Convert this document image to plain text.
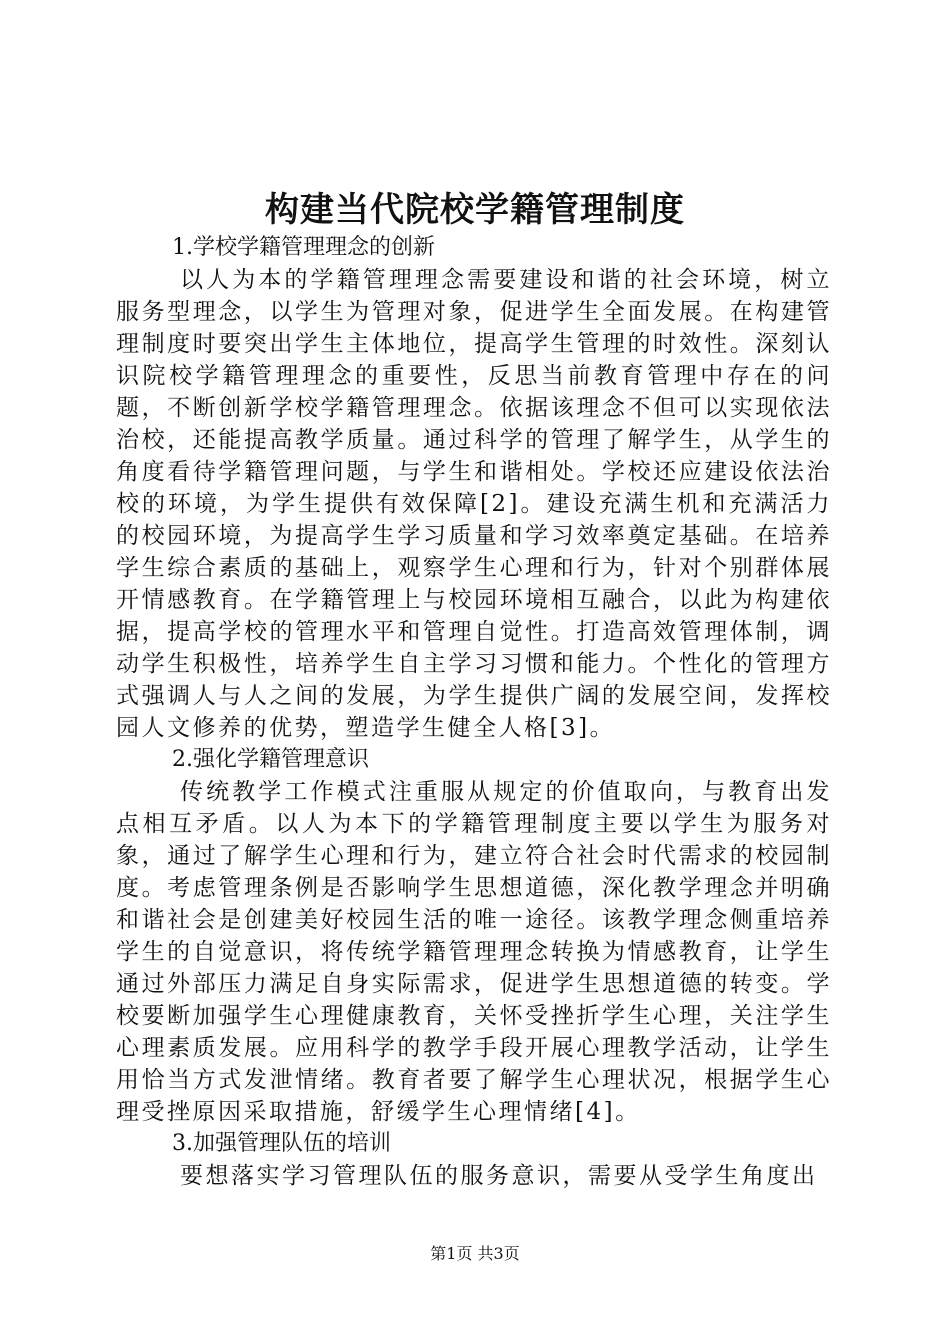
构建当代院校学籍管理制度

1.学校学籍管理理念的创新

以人为本的学籍管理理念需要建设和谐的社会环境，树立服务型理念，以学生为管理对象，促进学生全面发展。在构建管理制度时要突出学生主体地位，提高学生管理的时效性。深刻认识院校学籍管理理念的重要性，反思当前教育管理中存在的问题，不断创新学校学籍管理理念。依据该理念不但可以实现依法治校，还能提高教学质量。通过科学的管理了解学生，从学生的角度看待学籍管理问题，与学生和谐相处。学校还应建设依法治校的环境，为学生提供有效保障[2]。建设充满生机和充满活力的校园环境，为提高学生学习质量和学习效率奠定基础。在培养学生综合素质的基础上，观察学生心理和行为，针对个别群体展开情感教育。在学籍管理上与校园环境相互融合，以此为构建依据，提高学校的管理水平和管理自觉性。打造高效管理体制，调动学生积极性，培养学生自主学习习惯和能力。个性化的管理方式强调人与人之间的发展，为学生提供广阔的发展空间，发挥校园人文修养的优势，塑造学生健全人格[3]。

2.强化学籍管理意识

传统教学工作模式注重服从规定的价值取向，与教育出发点相互矛盾。以人为本下的学籍管理制度主要以学生为服务对象，通过了解学生心理和行为，建立符合社会时代需求的校园制度。考虑管理条例是否影响学生思想道德，深化教学理念并明确和谐社会是创建美好校园生活的唯一途径。该教学理念侧重培养学生的自觉意识，将传统学籍管理理念转换为情感教育，让学生通过外部压力满足自身实际需求，促进学生思想道德的转变。学校要断加强学生心理健康教育，关怀受挫折学生心理，关注学生心理素质发展。应用科学的教学手段开展心理教学活动，让学生用恰当方式发泄情绪。教育者要了解学生心理状况，根据学生心理受挫原因采取措施，舒缓学生心理情绪[4]。

3.加强管理队伍的培训

要想落实学习管理队伍的服务意识，需要从受学生角度出

第1页 共3页
